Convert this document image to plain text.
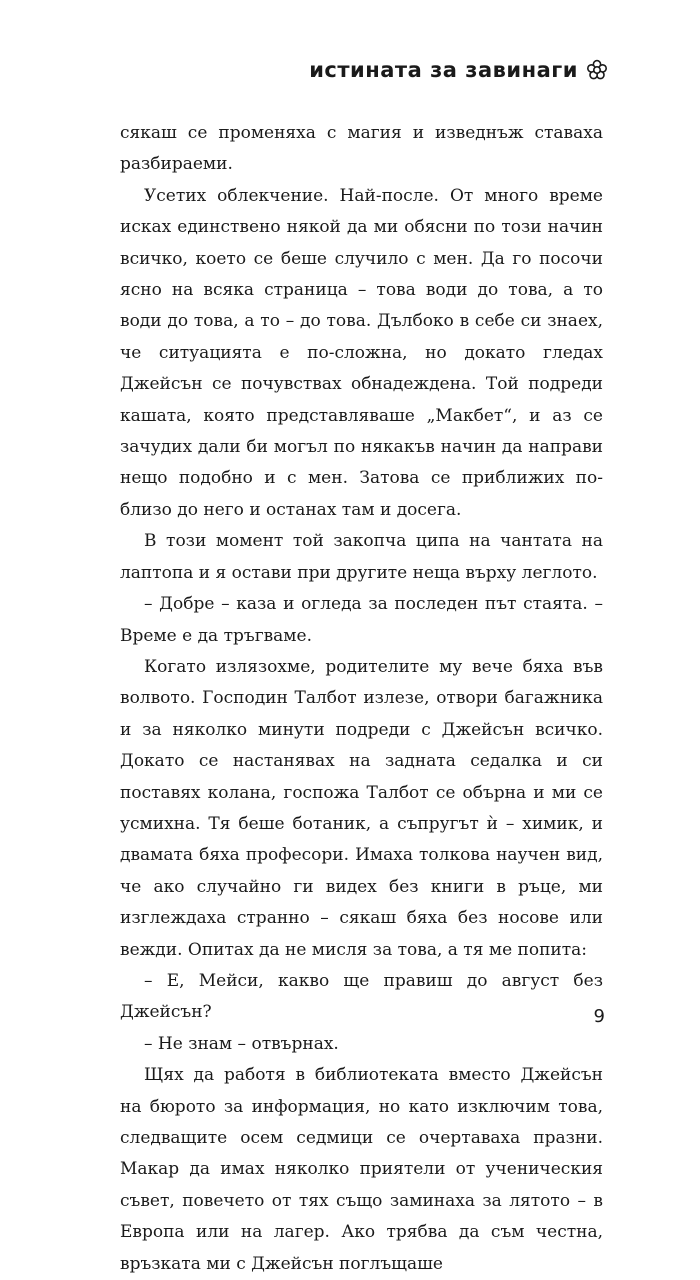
истината за завинаги

сякаш се променяха с магия и изведнъж ставаха разбираеми.

Усетих облекчение. Най-после. От много време исках единствено някой да ми обясни по този начин всичко, което се беше случило с мен. Да го посочи ясно на всяка страница – това води до това, а то води до това, а то – до това. Дълбоко в себе си знаех, че ситуацията е по-сложна, но докато гледах Джейсън се почувствах обнадеждена. Той подреди кашата, която представляваше „Макбет“, и аз се зачудих дали би могъл по някакъв начин да направи нещо подобно и с мен. Затова се приближих по-близо до него и останах там и досега.

В този момент той закопча ципа на чантата на лаптопа и я остави при другите неща върху леглото.

– Добре – каза и огледа за последен път стаята. – Време е да тръгваме.

Когато излязохме, родителите му вече бяха във волвото. Господин Талбот излезе, отвори багажника и за няколко минути подреди с Джейсън всичко. Докато се настанявах на задната седалка и си поставях колана, госпожа Талбот се обърна и ми се усмихна. Тя беше ботаник, а съпругът ѝ – химик, и двамата бяха професори. Имаха толкова научен вид, че ако случайно ги видех без книги в ръце, ми изглеждаха странно – сякаш бяха без носове или вежди. Опитах да не мисля за това, а тя ме попита:

– Е, Мейси, какво ще правиш до август без Джейсън?

– Не знам – отвърнах.

Щях да работя в библиотеката вместо Джейсън на бюрото за информация, но като изключим това, следващите осем седмици се очертаваха празни. Макар да имах няколко приятели от ученическия съвет, повечето от тях също заминаха за лятото – в Европа или на лагер. Ако трябва да съм честна, връзката ми с Джейсън поглъщаше

9
